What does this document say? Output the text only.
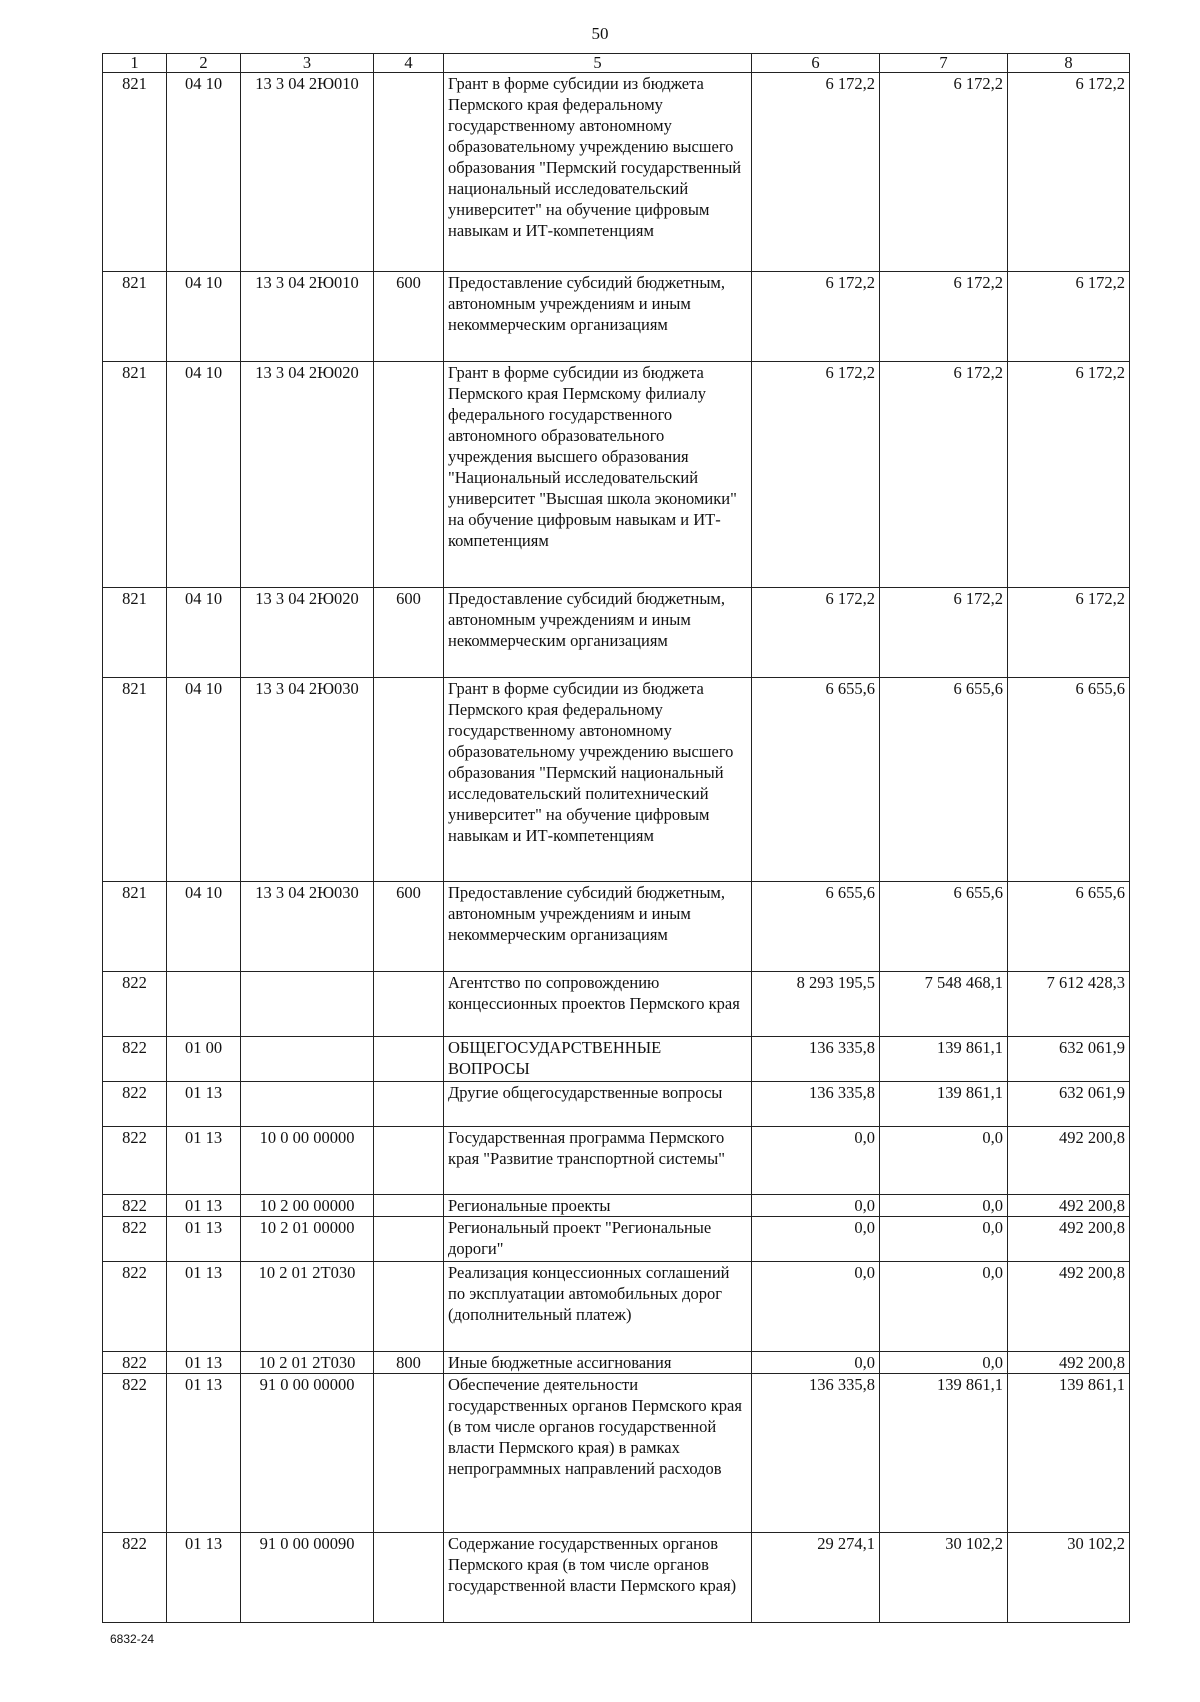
50
1	2	3	4	5	6	7	8
821	04 10	13 3 04 2Ю010		Грант в форме субсидии из бюджета Пермского края федеральному государственному автономному образовательному учреждению высшего образования "Пермский государственный национальный исследовательский университет" на обучение цифровым навыкам и ИТ-компетенциям	6 172,2	6 172,2	6 172,2
821	04 10	13 3 04 2Ю010	600	Предоставление субсидий бюджетным, автономным учреждениям и иным некоммерческим организациям	6 172,2	6 172,2	6 172,2
821	04 10	13 3 04 2Ю020		Грант в форме субсидии из бюджета Пермского края Пермскому филиалу федерального государственного автономного образовательного учреждения высшего образования "Национальный исследовательский университет "Высшая школа экономики" на обучение цифровым навыкам и ИТ-компетенциям	6 172,2	6 172,2	6 172,2
821	04 10	13 3 04 2Ю020	600	Предоставление субсидий бюджетным, автономным учреждениям и иным некоммерческим организациям	6 172,2	6 172,2	6 172,2
821	04 10	13 3 04 2Ю030		Грант в форме субсидии из бюджета Пермского края федеральному государственному автономному образовательному учреждению высшего образования "Пермский национальный исследовательский политехнический университет" на обучение цифровым навыкам и ИТ-компетенциям	6 655,6	6 655,6	6 655,6
821	04 10	13 3 04 2Ю030	600	Предоставление субсидий бюджетным, автономным учреждениям и иным некоммерческим организациям	6 655,6	6 655,6	6 655,6
822				Агентство по сопровождению концессионных проектов Пермского края	8 293 195,5	7 548 468,1	7 612 428,3
822	01 00			ОБЩЕГОСУДАРСТВЕННЫЕ ВОПРОСЫ	136 335,8	139 861,1	632 061,9
822	01 13			Другие общегосударственные вопросы	136 335,8	139 861,1	632 061,9
822	01 13	10 0 00 00000		Государственная программа Пермского края "Развитие транспортной системы"	0,0	0,0	492 200,8
822	01 13	10 2 00 00000		Региональные проекты	0,0	0,0	492 200,8
822	01 13	10 2 01 00000		Региональный проект "Региональные дороги"	0,0	0,0	492 200,8
822	01 13	10 2 01 2Т030		Реализация концессионных соглашений по эксплуатации автомобильных дорог (дополнительный платеж)	0,0	0,0	492 200,8
822	01 13	10 2 01 2Т030	800	Иные бюджетные ассигнования	0,0	0,0	492 200,8
822	01 13	91 0 00 00000		Обеспечение деятельности государственных органов Пермского края (в том числе органов государственной власти Пермского края) в рамках непрограммных направлений расходов	136 335,8	139 861,1	139 861,1
822	01 13	91 0 00 00090		Содержание государственных органов Пермского края (в том числе органов государственной власти Пермского края)	29 274,1	30 102,2	30 102,2
6832-24
